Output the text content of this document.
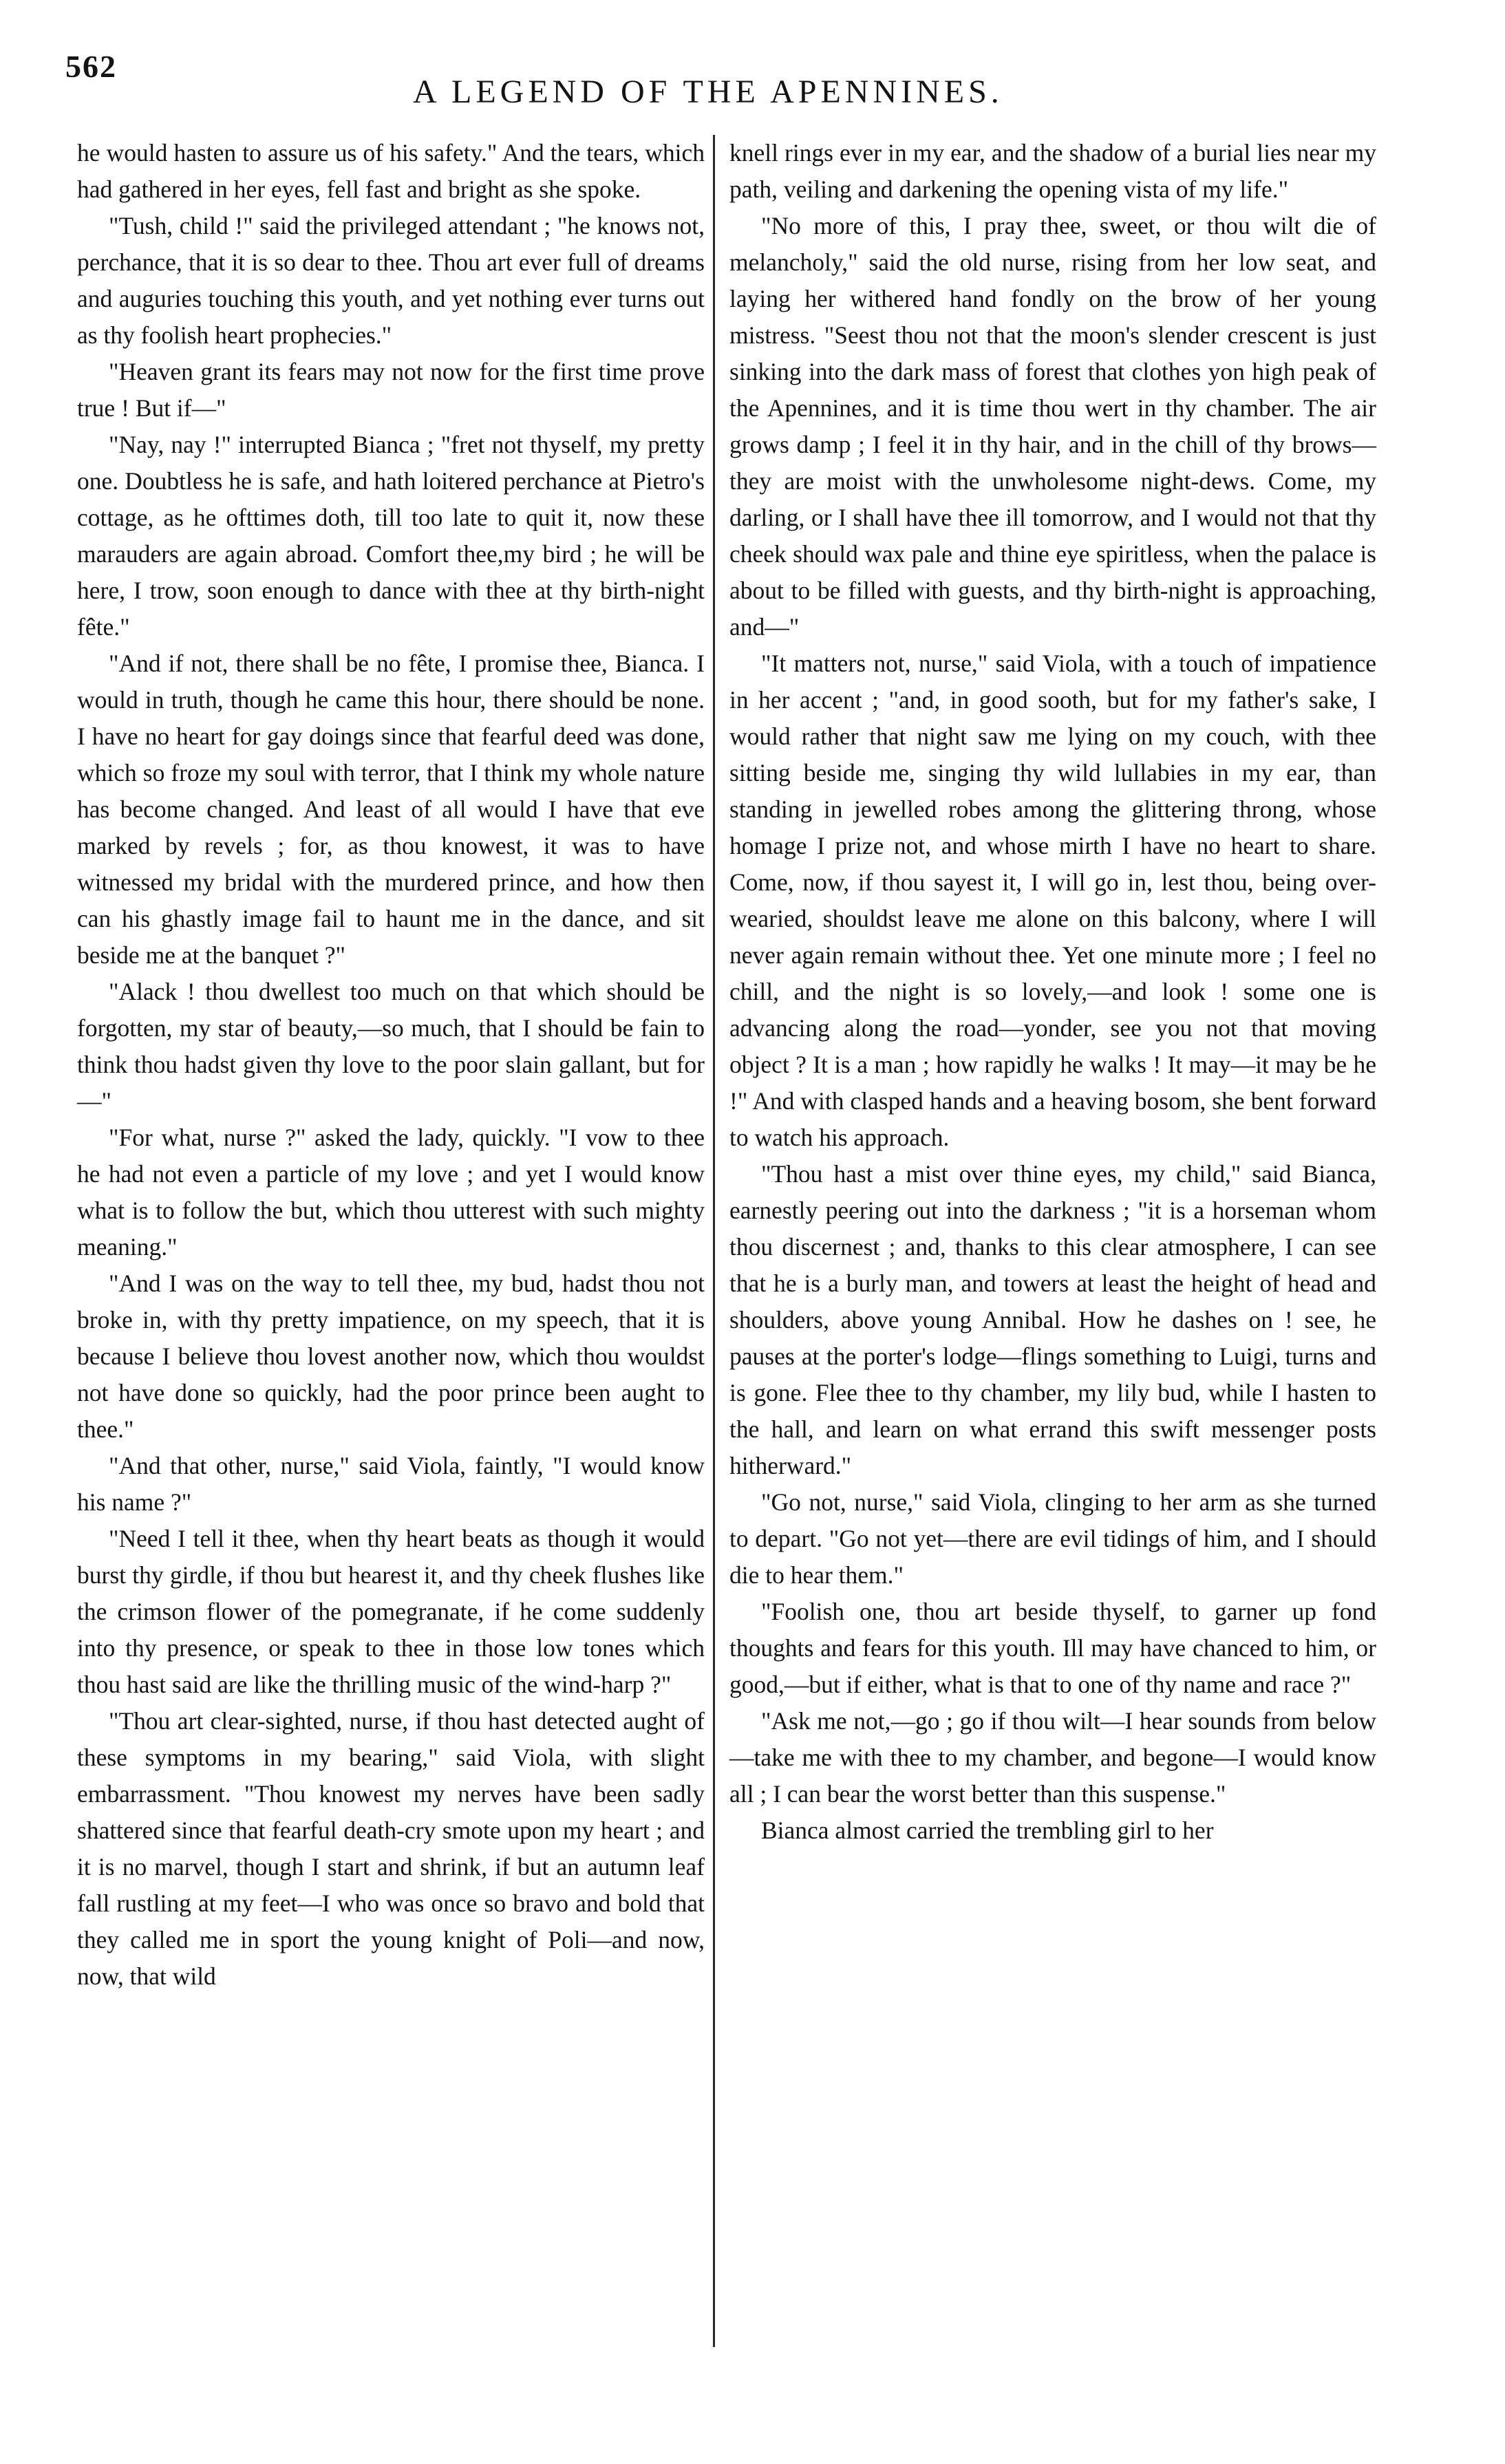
562
A LEGEND OF THE APENNINES.

he would hasten to assure us of his safety." And the tears, which had gathered in her eyes, fell fast and bright as she spoke.

"Tush, child !" said the privileged attendant ; "he knows not, perchance, that it is so dear to thee. Thou art ever full of dreams and auguries touching this youth, and yet nothing ever turns out as thy foolish heart prophecies."

"Heaven grant its fears may not now for the first time prove true ! But if—"

"Nay, nay !" interrupted Bianca ; "fret not thyself, my pretty one. Doubtless he is safe, and hath loitered perchance at Pietro's cottage, as he ofttimes doth, till too late to quit it, now these marauders are again abroad. Comfort thee,my bird ; he will be here, I trow, soon enough to dance with thee at thy birth-night fête."

"And if not, there shall be no fête, I promise thee, Bianca. I would in truth, though he came this hour, there should be none. I have no heart for gay doings since that fearful deed was done, which so froze my soul with terror, that I think my whole nature has become changed. And least of all would I have that eve marked by revels ; for, as thou knowest, it was to have witnessed my bridal with the murdered prince, and how then can his ghastly image fail to haunt me in the dance, and sit beside me at the banquet ?"

"Alack ! thou dwellest too much on that which should be forgotten, my star of beauty,—so much, that I should be fain to think thou hadst given thy love to the poor slain gallant, but for—"

"For what, nurse ?" asked the lady, quickly. "I vow to thee he had not even a particle of my love ; and yet I would know what is to follow the but, which thou utterest with such mighty meaning."

"And I was on the way to tell thee, my bud, hadst thou not broke in, with thy pretty impatience, on my speech, that it is because I believe thou lovest another now, which thou wouldst not have done so quickly, had the poor prince been aught to thee."

"And that other, nurse," said Viola, faintly, "I would know his name ?"

"Need I tell it thee, when thy heart beats as though it would burst thy girdle, if thou but hearest it, and thy cheek flushes like the crimson flower of the pomegranate, if he come suddenly into thy presence, or speak to thee in those low tones which thou hast said are like the thrilling music of the wind-harp ?"

"Thou art clear-sighted, nurse, if thou hast detected aught of these symptoms in my bearing," said Viola, with slight embarrassment. "Thou knowest my nerves have been sadly shattered since that fearful death-cry smote upon my heart ; and it is no marvel, though I start and shrink, if but an autumn leaf fall rustling at my feet—I who was once so bravo and bold that they called me in sport the young knight of Poli—and now, now, that wild

knell rings ever in my ear, and the shadow of a burial lies near my path, veiling and darkening the opening vista of my life."

"No more of this, I pray thee, sweet, or thou wilt die of melancholy," said the old nurse, rising from her low seat, and laying her withered hand fondly on the brow of her young mistress. "Seest thou not that the moon's slender crescent is just sinking into the dark mass of forest that clothes yon high peak of the Apennines, and it is time thou wert in thy chamber. The air grows damp ; I feel it in thy hair, and in the chill of thy brows—they are moist with the unwholesome night-dews. Come, my darling, or I shall have thee ill tomorrow, and I would not that thy cheek should wax pale and thine eye spiritless, when the palace is about to be filled with guests, and thy birth-night is approaching, and—"

"It matters not, nurse," said Viola, with a touch of impatience in her accent ; "and, in good sooth, but for my father's sake, I would rather that night saw me lying on my couch, with thee sitting beside me, singing thy wild lullabies in my ear, than standing in jewelled robes among the glittering throng, whose homage I prize not, and whose mirth I have no heart to share. Come, now, if thou sayest it, I will go in, lest thou, being over-wearied, shouldst leave me alone on this balcony, where I will never again remain without thee. Yet one minute more ; I feel no chill, and the night is so lovely,—and look ! some one is advancing along the road—yonder, see you not that moving object ? It is a man ; how rapidly he walks ! It may—it may be he !" And with clasped hands and a heaving bosom, she bent forward to watch his approach.

"Thou hast a mist over thine eyes, my child," said Bianca, earnestly peering out into the darkness ; "it is a horseman whom thou discernest ; and, thanks to this clear atmosphere, I can see that he is a burly man, and towers at least the height of head and shoulders, above young Annibal. How he dashes on ! see, he pauses at the porter's lodge—flings something to Luigi, turns and is gone. Flee thee to thy chamber, my lily bud, while I hasten to the hall, and learn on what errand this swift messenger posts hitherward."

"Go not, nurse," said Viola, clinging to her arm as she turned to depart. "Go not yet—there are evil tidings of him, and I should die to hear them."

"Foolish one, thou art beside thyself, to garner up fond thoughts and fears for this youth. Ill may have chanced to him, or good,—but if either, what is that to one of thy name and race ?"

"Ask me not,—go ; go if thou wilt—I hear sounds from below—take me with thee to my chamber, and begone—I would know all ; I can bear the worst better than this suspense."

Bianca almost carried the trembling girl to her
